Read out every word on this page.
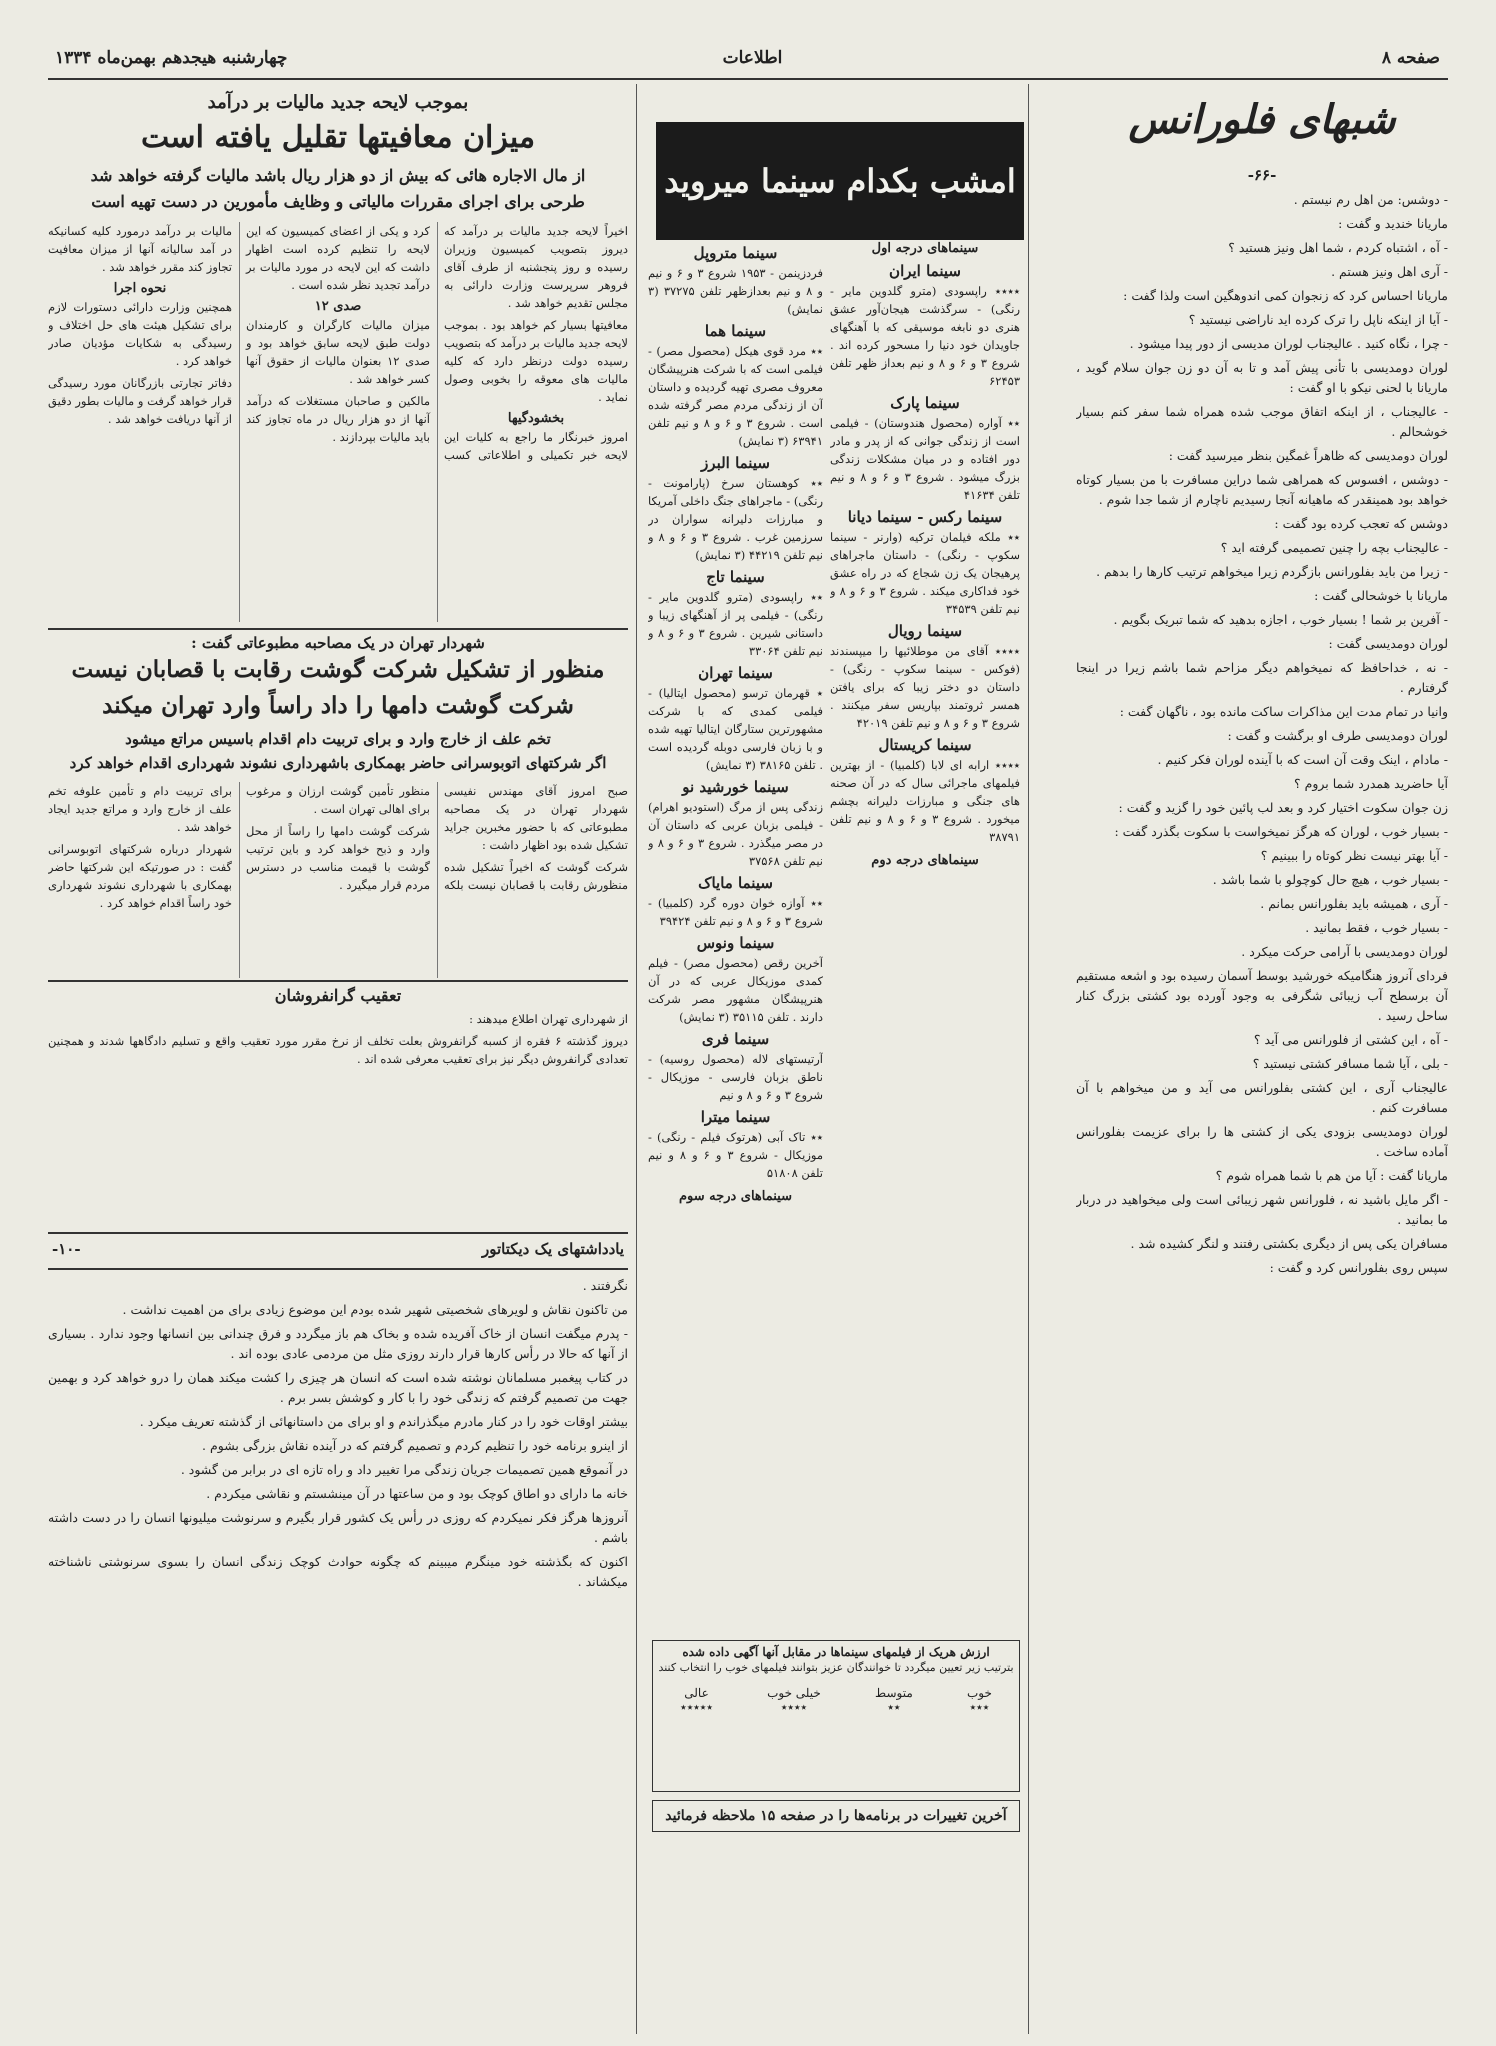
صفحه ۸
اطلاعات
چهارشنبه هیجدهم بهمن‌ماه ۱۳۳۴
شبهای فلورانس
-۶۶-

- دوشس: من اهل رم نیستم .

ماریانا خندید و گفت :

- آه ، اشتباه کردم ، شما اهل ونیز هستید ؟

- آری اهل ونیز هستم .

ماریانا احساس کرد که زنجوان کمی اندوهگین است ولذا گفت :

- آیا از اینکه ناپل را ترک کرده اید ناراضی نیستید ؟

- چرا ، نگاه کنید . عالیجناب لوران مدیسی از دور پیدا میشود .

لوران دومدیسی با تأنی پیش آمد و تا به آن دو زن جوان سلام گوید ، ماریانا با لحنی نیکو با او گفت :

- عالیجناب ، از اینکه اتفاق موجب شده همراه شما سفر کنم بسیار خوشحالم .

لوران دومدیسی که ظاهراً غمگین بنظر میرسید گفت :

- دوشس ، افسوس که همراهی شما دراین مسافرت با من بسیار کوتاه خواهد بود همینقدر که ماهیانه آنجا رسیدیم ناچارم از شما جدا شوم .

دوشس که تعجب کرده بود گفت :

- عالیجناب بچه را چنین تصمیمی گرفته اید ؟

- زیرا من باید بفلورانس بازگردم زیرا میخواهم ترتیب کارها را بدهم .

ماریانا با خوشحالی گفت :

- آفرین بر شما ! بسیار خوب ، اجازه بدهید که شما تبریک بگویم .

لوران دومدیسی گفت :

- نه ، خداحافظ که نمیخواهم دیگر مزاحم شما باشم زیرا در اینجا گرفتارم .

وانیا در تمام مدت این مذاکرات ساکت مانده بود ، ناگهان گفت :

لوران دومدیسی طرف او برگشت و گفت :

- مادام ، اینک وقت آن است که با آینده لوران فکر کنیم .

آیا حاضرید همدرد شما بروم ؟

زن جوان سکوت اختیار کرد و بعد لب پائین خود را گزید و گفت :

- بسیار خوب ، لوران که هرگز نمیخواست با سکوت بگذرد گفت :

- آیا بهتر نیست نظر کوتاه را ببینیم ؟

- بسیار خوب ، هیچ حال کوچولو با شما باشد .

- آری ، همیشه باید بفلورانس بمانم .

- بسیار خوب ، فقط بمانید .

لوران دومدیسی با آرامی حرکت میکرد .

فردای آنروز هنگامیکه خورشید بوسط آسمان رسیده بود و اشعه مستقیم آن برسطح آب زیبائی شگرفی به وجود آورده بود کشتی بزرگ کنار ساحل رسید .

- آه ، این کشتی از فلورانس می آید ؟

- بلی ، آیا شما مسافر کشتی نیستید ؟

عالیجناب آری ، این کشتی بفلورانس می آید و من میخواهم با آن مسافرت کنم .

لوران دومدیسی بزودی یکی از کشتی ها را برای عزیمت بفلورانس آماده ساخت .

ماریانا گفت : آیا من هم با شما همراه شوم ؟

- اگر مایل باشید نه ، فلورانس شهر زیبائی است ولی میخواهید در دربار ما بمانید .

مسافران یکی پس از دیگری بکشتی رفتند و لنگر کشیده شد .

سپس روی بفلورانس کرد و گفت :

امشب بکدام سینما میروید
سینماهای درجه اول
سینما ایران

٭٭٭٭ راپسودی (مترو گلدوین مایر - رنگی) - سرگذشت هیجان‌آور عشق هنری دو نابغه موسیقی که با آهنگهای جاویدان خود دنیا را مسحور کرده اند . شروع ۳ و ۶ و ۸ و نیم بعداز ظهر تلفن ۶۲۴۵۳

سینما پارک

٭٭ آواره (محصول هندوستان) - فیلمی است از زندگی جوانی که از پدر و مادر دور افتاده و در میان مشکلات زندگی بزرگ میشود . شروع ۳ و ۶ و ۸ و نیم تلفن ۴۱۶۳۴

سینما رکس - سینما دیانا

٭٭ ملکه فیلمان ترکیه (وارنر - سینما سکوپ - رنگی) - داستان ماجراهای پرهیجان یک زن شجاع که در راه عشق خود فداکاری میکند . شروع ۳ و ۶ و ۸ و نیم تلفن ۳۴۵۳۹

سینما رویال

٭٭٭٭ آقای من موطلائیها را میپسندند (فوکس - سینما سکوپ - رنگی) - داستان دو دختر زیبا که برای یافتن همسر ثروتمند بپاریس سفر میکنند . شروع ۳ و ۶ و ۸ و نیم تلفن ۴۲۰۱۹

سینما کریستال

٭٭٭٭ ارابه ای لابا (کلمبیا) - از بهترین فیلمهای ماجرائی سال که در آن صحنه های جنگی و مبارزات دلیرانه بچشم میخورد . شروع ۳ و ۶ و ۸ و نیم تلفن ۳۸۷۹۱

سینماهای درجه دوم
سینما متروپل

فردزینمن - ۱۹۵۳ شروع ۳ و ۶ و نیم و ۸ و نیم بعدازظهر تلفن ۳۷۲۷۵ (۳ نمایش)

سینما هما

٭٭ مرد قوی هیکل (محصول مصر) - فیلمی است که با شرکت هنرپیشگان معروف مصری تهیه گردیده و داستان آن از زندگی مردم مصر گرفته شده است . شروع ۳ و ۶ و ۸ و نیم تلفن ۶۳۹۴۱ (۳ نمایش)

سینما البرز

٭٭ کوهستان سرخ (پارامونت - رنگی) - ماجراهای جنگ داخلی آمریکا و مبارزات دلیرانه سواران در سرزمین غرب . شروع ۳ و ۶ و ۸ و نیم تلفن ۴۴۲۱۹ (۳ نمایش)

سینما تاج

٭٭ راپسودی (مترو گلدوین مایر - رنگی) - فیلمی پر از آهنگهای زیبا و داستانی شیرین . شروع ۳ و ۶ و ۸ و نیم تلفن ۳۳۰۶۴

سینما تهران

٭ قهرمان ترسو (محصول ایتالیا) - فیلمی کمدی که با شرکت مشهورترین ستارگان ایتالیا تهیه شده و با زبان فارسی دوبله گردیده است . تلفن ۳۸۱۶۵ (۳ نمایش)

سینما خورشید نو

زندگی پس از مرگ (استودیو اهرام) - فیلمی بزبان عربی که داستان آن در مصر میگذرد . شروع ۳ و ۶ و ۸ و نیم تلفن ۳۷۵۶۸

سینما مایاک

٭٭ آوازه خوان دوره گرد (کلمبیا) - شروع ۳ و ۶ و ۸ و نیم تلفن ۳۹۴۲۴

سینما ونوس

آخرین رقص (محصول مصر) - فیلم کمدی موزیکال عربی که در آن هنرپیشگان مشهور مصر شرکت دارند . تلفن ۳۵۱۱۵ (۳ نمایش)

سینما فری

آرتیستهای لاله (محصول روسیه) - ناطق بزبان فارسی - موزیکال - شروع ۳ و ۶ و ۸ و نیم

سینما میترا

٭٭ تاک آبی (هرتوک فیلم - رنگی) - موزیکال - شروع ۳ و ۶ و ۸ و نیم تلفن ۵۱۸۰۸

سینماهای درجه سوم
ارزش هریک از فیلمهای سینماها در مقابل آنها آگهی داده شده
بترتیب زیر تعیین میگردد تا خوانندگان عزیز بتوانند فیلمهای خوب را انتخاب کنند
خوب
٭٭٭
متوسط
٭٭
خیلی خوب
٭٭٭٭
عالی
٭٭٭٭٭
آخرین تغییرات در برنامه‌ها را در صفحه ۱۵ ملاحظه فرمائید
بموجب لایحه جدید مالیات بر درآمد
میزان معافیتها تقلیل یافته است
از مال الاجاره هائی که بیش از دو هزار ریال باشد مالیات گرفته خواهد شد
طرحی برای اجرای مقررات مالیاتی و وظایف مأمورین در دست تهیه است

اخیراً لایحه جدید مالیات بر درآمد که دیروز بتصویب کمیسیون وزیران رسیده و روز پنجشنبه از طرف آقای فروهر سرپرست وزارت دارائی به مجلس تقدیم خواهد شد .

معافیتها بسیار کم خواهد بود . بموجب لایحه جدید مالیات بر درآمد که بتصویب رسیده دولت درنظر دارد که کلیه مالیات های معوقه را بخوبی وصول نماید .

بخشودگیها

امروز خبرنگار ما راجع به کلیات این لایحه خبر تکمیلی و اطلاعاتی کسب کرد و یکی از اعضای کمیسیون که این لایحه را تنظیم کرده است اظهار داشت که این لایحه در مورد مالیات بر درآمد تجدید نظر شده است .

صدی ۱۲

میزان مالیات کارگران و کارمندان دولت طبق لایحه سابق خواهد بود و صدی ۱۲ بعنوان مالیات از حقوق آنها کسر خواهد شد .

مالکین و صاحبان مستغلات که درآمد آنها از دو هزار ریال در ماه تجاوز کند باید مالیات بپردازند .

مالیات بر درآمد درمورد کلیه کسانیکه در آمد سالیانه آنها از میزان معافیت تجاوز کند مقرر خواهد شد .

نحوه اجرا

همچنین وزارت دارائی دستورات لازم برای تشکیل هیئت های حل اختلاف و رسیدگی به شکایات مؤدیان صادر خواهد کرد .

دفاتر تجارتی بازرگانان مورد رسیدگی قرار خواهد گرفت و مالیات بطور دقیق از آنها دریافت خواهد شد .

شهردار تهران در یک مصاحبه مطبوعاتی گفت :
منظور از تشکیل شرکت گوشت رقابت با قصابان نیست
شرکت گوشت دامها را داد راساً وارد تهران میکند
تخم علف از خارج وارد و برای تربیت دام اقدام باسیس مراتع میشود
اگر شرکتهای اتوبوسرانی حاضر بهمکاری باشهرداری نشوند شهرداری اقدام خواهد کرد

صبح امروز آقای مهندس نفیسی شهردار تهران در یک مصاحبه مطبوعاتی که با حضور مخبرین جراید تشکیل شده بود اظهار داشت :

شرکت گوشت که اخیراً تشکیل شده منظورش رقابت با قصابان نیست بلکه منظور تأمین گوشت ارزان و مرغوب برای اهالی تهران است .

شرکت گوشت دامها را راساً از محل وارد و ذبح خواهد کرد و باین ترتیب گوشت با قیمت مناسب در دسترس مردم قرار میگیرد .

برای تربیت دام و تأمین علوفه تخم علف از خارج وارد و مراتع جدید ایجاد خواهد شد .

شهردار درباره شرکتهای اتوبوسرانی گفت : در صورتیکه این شرکتها حاضر بهمکاری با شهرداری نشوند شهرداری خود راساً اقدام خواهد کرد .

تعقیب گرانفروشان

از شهرداری تهران اطلاع میدهند :

دیروز گذشته ۶ فقره از کسبه گرانفروش بعلت تخلف از نرخ مقرر مورد تعقیب واقع و تسلیم دادگاهها شدند و همچنین تعدادی گرانفروش دیگر نیز برای تعقیب معرفی شده اند .

یادداشتهای یک دیکتاتور
-۱۰-

نگرفتند .

من تاکنون نقاش و لویرهای شخصیتی شهیر شده بودم این موضوع زیادی برای من اهمیت نداشت .

- پدرم میگفت انسان از خاک آفریده شده و بخاک هم باز میگردد و فرق چندانی بین انسانها وجود ندارد . بسیاری از آنها که حالا در رأس کارها قرار دارند روزی مثل من مردمی عادی بوده اند .

در کتاب پیغمبر مسلمانان نوشته شده است که انسان هر چیزی را کشت میکند همان را درو خواهد کرد و بهمین جهت من تصمیم گرفتم که زندگی خود را با کار و کوشش بسر برم .

بیشتر اوقات خود را در کنار مادرم میگذراندم و او برای من داستانهائی از گذشته تعریف میکرد .

از اینرو برنامه خود را تنظیم کردم و تصمیم گرفتم که در آینده نقاش بزرگی بشوم .

در آنموقع همین تصمیمات جریان زندگی مرا تغییر داد و راه تازه ای در برابر من گشود .

خانه ما دارای دو اطاق کوچک بود و من ساعتها در آن مینشستم و نقاشی میکردم .

آنروزها هرگز فکر نمیکردم که روزی در رأس یک کشور قرار بگیرم و سرنوشت میلیونها انسان را در دست داشته باشم .

اکنون که بگذشته خود مینگرم میبینم که چگونه حوادث کوچک زندگی انسان را بسوی سرنوشتی ناشناخته میکشاند .
